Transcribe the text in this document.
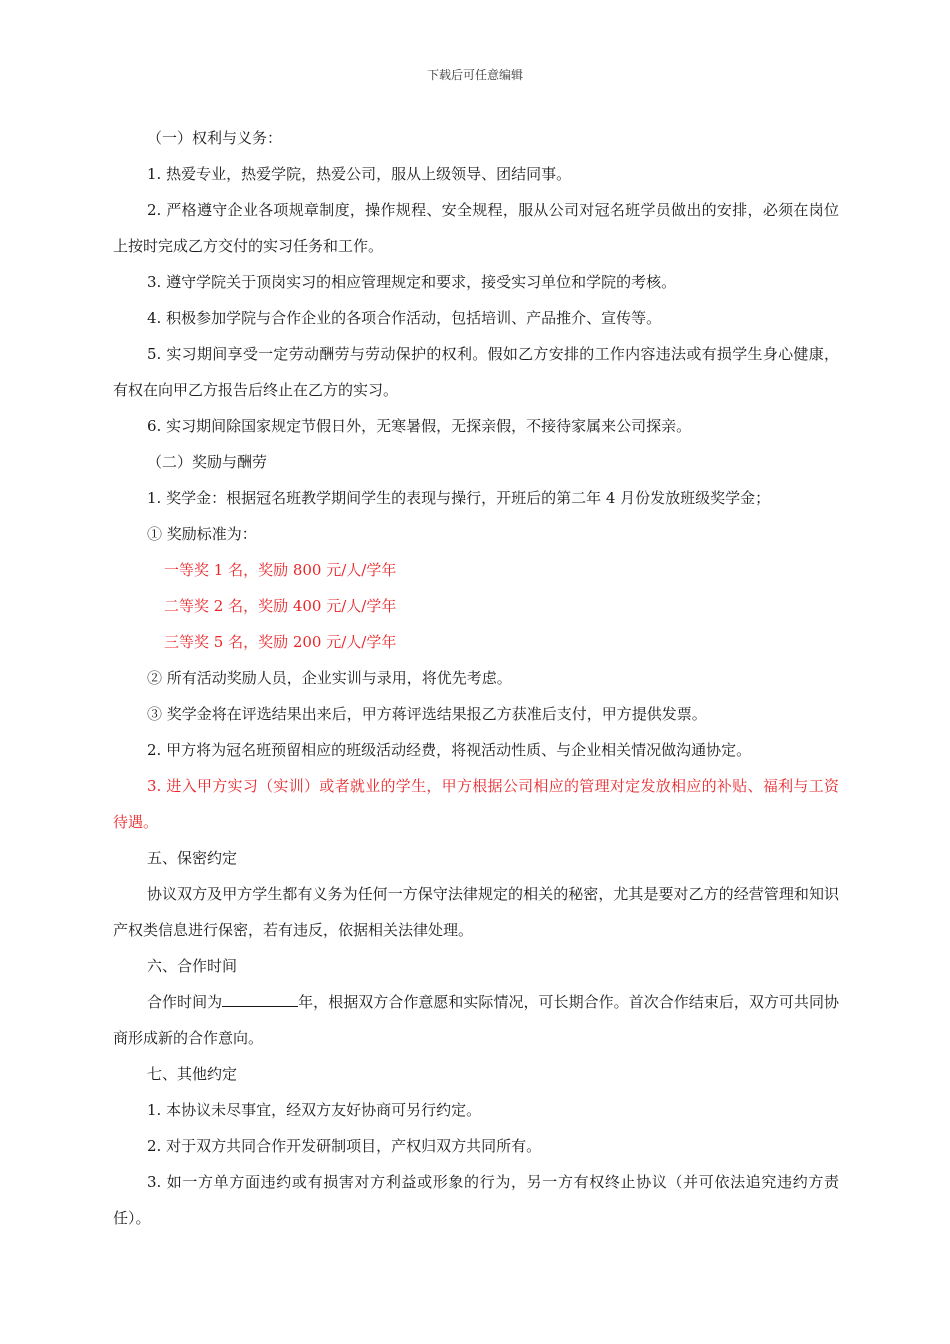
下载后可任意编辑

（一）权利与义务：

1. 热爱专业，热爱学院，热爱公司，服从上级领导、团结同事。

2. 严格遵守企业各项规章制度，操作规程、安全规程，服从公司对冠名班学员做出的安排，必须在岗位上按时完成乙方交付的实习任务和工作。

3. 遵守学院关于顶岗实习的相应管理规定和要求，接受实习单位和学院的考核。

4. 积极参加学院与合作企业的各项合作活动，包括培训、产品推介、宣传等。

5. 实习期间享受一定劳动酬劳与劳动保护的权利。假如乙方安排的工作内容违法或有损学生身心健康，有权在向甲乙方报告后终止在乙方的实习。

6. 实习期间除国家规定节假日外，无寒暑假，无探亲假，不接待家属来公司探亲。

（二）奖励与酬劳

1. 奖学金：根据冠名班教学期间学生的表现与操行，开班后的第二年 4 月份发放班级奖学金；

① 奖励标准为：

一等奖 1 名，奖励 800 元/人/学年

二等奖 2 名，奖励 400 元/人/学年

三等奖 5 名，奖励 200 元/人/学年

② 所有活动奖励人员，企业实训与录用，将优先考虑。

③ 奖学金将在评选结果出来后，甲方蒋评选结果报乙方获准后支付，甲方提供发票。

2. 甲方将为冠名班预留相应的班级活动经费，将视活动性质、与企业相关情况做沟通协定。

3. 进入甲方实习（实训）或者就业的学生，甲方根据公司相应的管理对定发放相应的补贴、福利与工资待遇。

五、保密约定

协议双方及甲方学生都有义务为任何一方保守法律规定的相关的秘密，尤其是要对乙方的经营管理和知识产权类信息进行保密，若有违反，依据相关法律处理。

六、合作时间

合作时间为	年，根据双方合作意愿和实际情况，可长期合作。首次合作结束后，双方可共同协商形成新的合作意向。

七、其他约定

1. 本协议未尽事宜，经双方友好协商可另行约定。

2. 对于双方共同合作开发研制项目，产权归双方共同所有。

3. 如一方单方面违约或有损害对方利益或形象的行为，另一方有权终止协议（并可依法追究违约方责任）。
